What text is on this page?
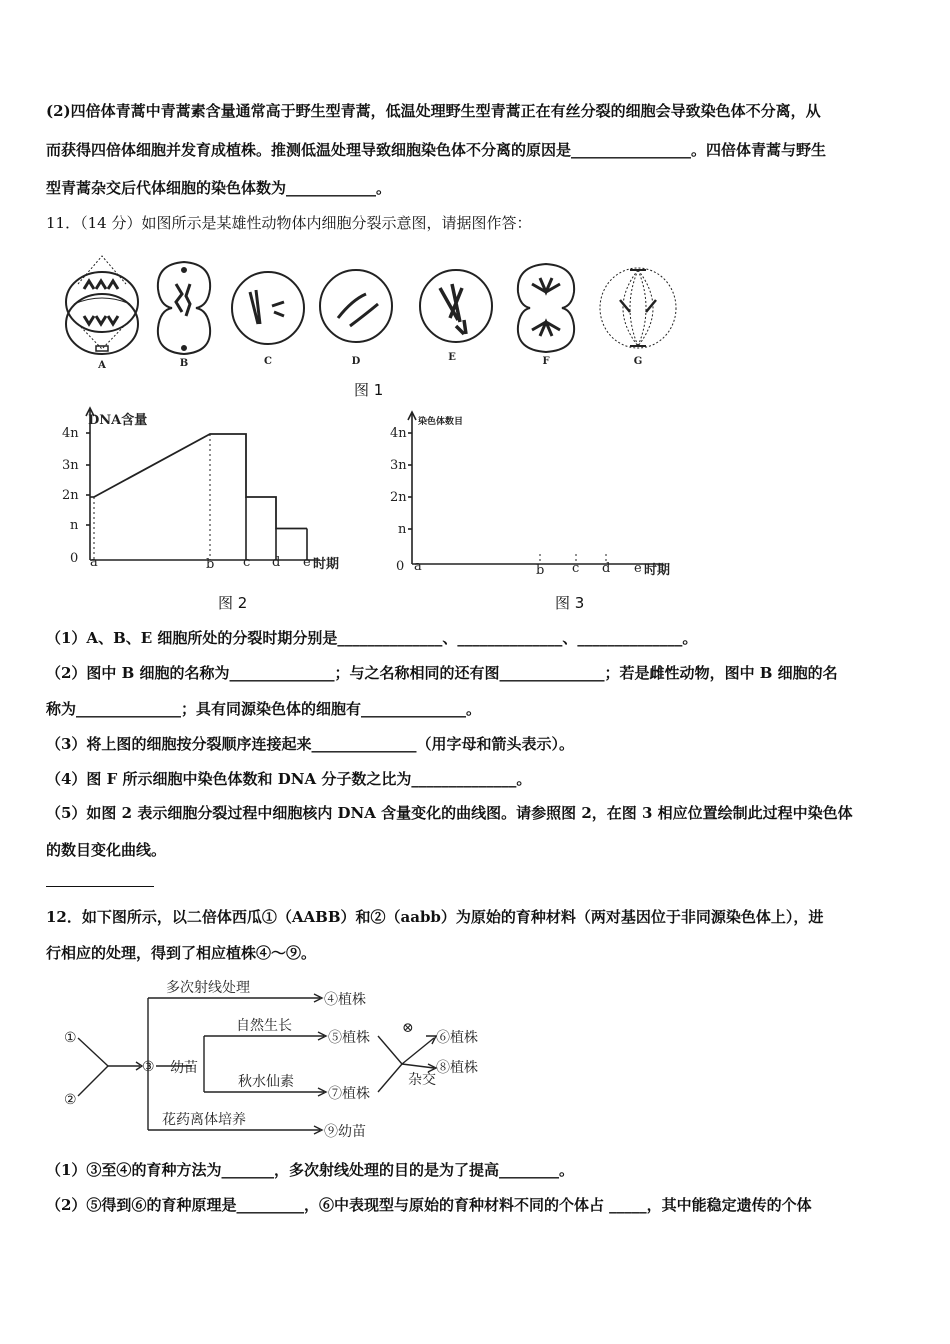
(2)四倍体青蒿中青蒿素含量通常高于野生型青蒿，低温处理野生型青蒿正在有丝分裂的细胞会导致染色体不分离，从
而获得四倍体细胞并发育成植株。推测低温处理导致细胞染色体不分离的原因是________________。四倍体青蒿与野生
型青蒿杂交后代体细胞的染色体数为____________。
11．（14 分）如图所示是某雄性动物体内细胞分裂示意图，请据图作答：
A	B	C	D	E	F	G
图 1
DNA含量
4n
3n
2n
n
0 a	b c d e 时期
图 2
染色体数目
4n
3n
2n
n
0 a	b c d e 时期
图 3
（1）A、B、E 细胞所处的分裂时期分别是______________、______________、______________。
（2）图中 B 细胞的名称为______________；与之名称相同的还有图______________；若是雌性动物，图中 B 细胞的名
称为______________；具有同源染色体的细胞有______________。
（3）将上图的细胞按分裂顺序连接起来______________（用字母和箭头表示）。
（4）图 F 所示细胞中染色体数和 DNA 分子数之比为______________。
（5）如图 2 表示细胞分裂过程中细胞核内 DNA 含量变化的曲线图。请参照图 2，在图 3 相应位置绘制此过程中染色体
的数目变化曲线。
12．如下图所示，以二倍体西瓜①（AABB）和②（aabb）为原始的育种材料（两对基因位于非同源染色体上），进
行相应的处理，得到了相应植株④～⑨。
①
②
③ 幼苗
多次射线处理
④植株
自然生长
⑤植株
⊗
⑥植株
杂交
⑧植株
秋水仙素
⑦植株
花药离体培养
⑨幼苗
（1）③至④的育种方法为_______，多次射线处理的目的是为了提高________。
（2）⑤得到⑥的育种原理是_________，⑥中表现型与原始的育种材料不同的个体占 _____，其中能稳定遗传的个体
